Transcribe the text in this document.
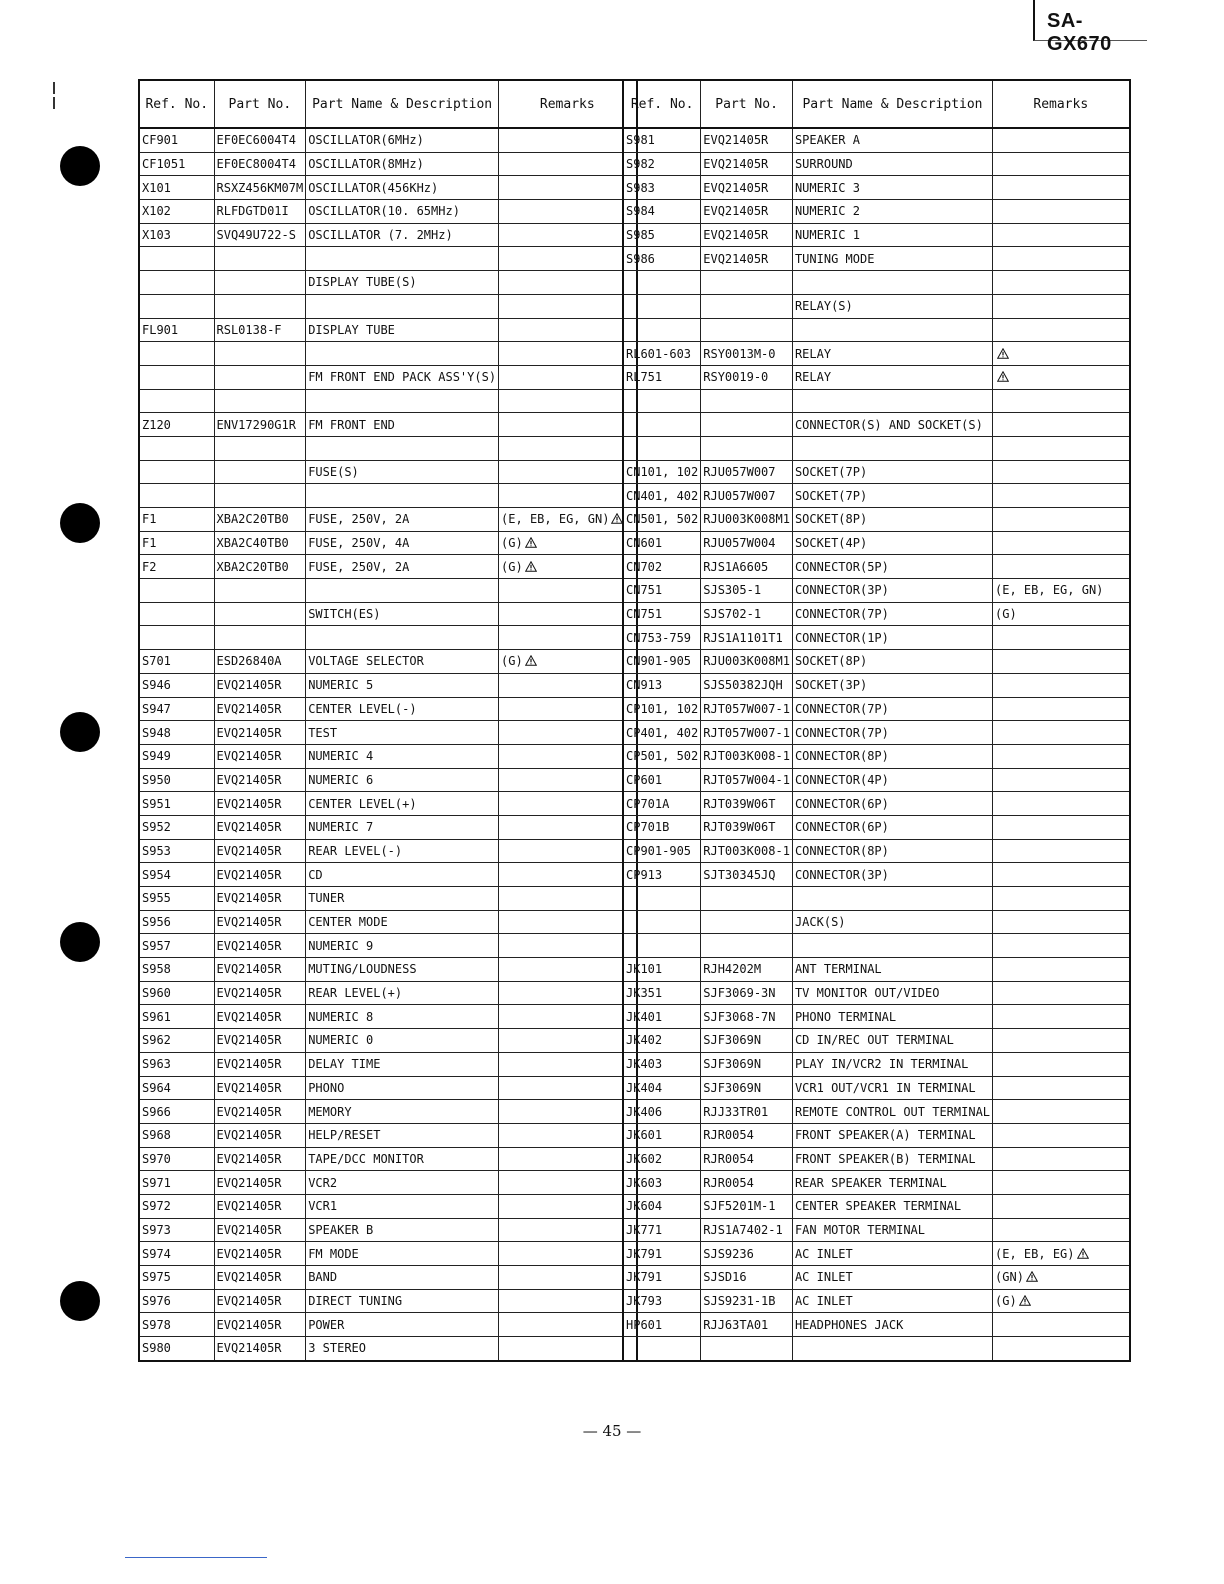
SA-GX670
Ref. No.	Part No.	Part Name & Description	Remarks
CF901	EF0EC6004T4	OSCILLATOR(6MHz)	
CF1051	EF0EC8004T4	OSCILLATOR(8MHz)	
X101	RSXZ456KM07M	OSCILLATOR(456KHz)	
X102	RLFDGTD01I	OSCILLATOR(10. 65MHz)	
X103	SVQ49U722-S	OSCILLATOR (7. 2MHz)	

		DISPLAY TUBE(S)	

FL901	RSL0138-F	DISPLAY TUBE	

		FM FRONT END PACK ASS'Y(S)	

Z120	ENV17290G1R	FM FRONT END	

		FUSE(S)	

F1	XBA2C20TB0	FUSE, 250V, 2A	(E, EB, EG, GN)
F1	XBA2C40TB0	FUSE, 250V, 4A	(G)
F2	XBA2C20TB0	FUSE, 250V, 2A	(G)

		SWITCH(ES)	

S701	ESD26840A	VOLTAGE SELECTOR	(G)
S946	EVQ21405R	NUMERIC 5	
S947	EVQ21405R	CENTER LEVEL(-)	
S948	EVQ21405R	TEST	
S949	EVQ21405R	NUMERIC 4	
S950	EVQ21405R	NUMERIC 6	
S951	EVQ21405R	CENTER LEVEL(+)	
S952	EVQ21405R	NUMERIC 7	
S953	EVQ21405R	REAR LEVEL(-)	
S954	EVQ21405R	CD	
S955	EVQ21405R	TUNER	
S956	EVQ21405R	CENTER MODE	
S957	EVQ21405R	NUMERIC 9	
S958	EVQ21405R	MUTING/LOUDNESS	
S960	EVQ21405R	REAR LEVEL(+)	
S961	EVQ21405R	NUMERIC 8	
S962	EVQ21405R	NUMERIC 0	
S963	EVQ21405R	DELAY TIME	
S964	EVQ21405R	PHONO	
S966	EVQ21405R	MEMORY	
S968	EVQ21405R	HELP/RESET	
S970	EVQ21405R	TAPE/DCC MONITOR	
S971	EVQ21405R	VCR2	
S972	EVQ21405R	VCR1	
S973	EVQ21405R	SPEAKER B	
S974	EVQ21405R	FM MODE	
S975	EVQ21405R	BAND	
S976	EVQ21405R	DIRECT TUNING	
S978	EVQ21405R	POWER	
S980	EVQ21405R	3 STEREO	
Ref. No.	Part No.	Part Name & Description	Remarks
S981	EVQ21405R	SPEAKER A	
S982	EVQ21405R	SURROUND	
S983	EVQ21405R	NUMERIC 3	
S984	EVQ21405R	NUMERIC 2	
S985	EVQ21405R	NUMERIC 1	
S986	EVQ21405R	TUNING MODE	

		RELAY(S)	

RL601-603	RSY0013M-0	RELAY	
RL751	RSY0019-0	RELAY	

		CONNECTOR(S) AND SOCKET(S)	

CN101, 102	RJU057W007	SOCKET(7P)	
CN401, 402	RJU057W007	SOCKET(7P)	
CN501, 502	RJU003K008M1	SOCKET(8P)	
CN601	RJU057W004	SOCKET(4P)	
CN702	RJS1A6605	CONNECTOR(5P)	
CN751	SJS305-1	CONNECTOR(3P)	(E, EB, EG, GN)
CN751	SJS702-1	CONNECTOR(7P)	(G)
CN753-759	RJS1A1101T1	CONNECTOR(1P)	
CN901-905	RJU003K008M1	SOCKET(8P)	
CN913	SJS50382JQH	SOCKET(3P)	
CP101, 102	RJT057W007-1	CONNECTOR(7P)	
CP401, 402	RJT057W007-1	CONNECTOR(7P)	
CP501, 502	RJT003K008-1	CONNECTOR(8P)	
CP601	RJT057W004-1	CONNECTOR(4P)	
CP701A	RJT039W06T	CONNECTOR(6P)	
CP701B	RJT039W06T	CONNECTOR(6P)	
CP901-905	RJT003K008-1	CONNECTOR(8P)	
CP913	SJT30345JQ	CONNECTOR(3P)	

		JACK(S)	

JK101	RJH4202M	ANT TERMINAL	
JK351	SJF3069-3N	TV MONITOR OUT/VIDEO	
JK401	SJF3068-7N	PHONO TERMINAL	
JK402	SJF3069N	CD IN/REC OUT TERMINAL	
JK403	SJF3069N	PLAY IN/VCR2 IN TERMINAL	
JK404	SJF3069N	VCR1 OUT/VCR1 IN TERMINAL	
JK406	RJJ33TR01	REMOTE CONTROL OUT TERMINAL	
JK601	RJR0054	FRONT SPEAKER(A) TERMINAL	
JK602	RJR0054	FRONT SPEAKER(B) TERMINAL	
JK603	RJR0054	REAR SPEAKER TERMINAL	
JK604	SJF5201M-1	CENTER SPEAKER TERMINAL	
JK771	RJS1A7402-1	FAN MOTOR TERMINAL	
JK791	SJS9236	AC INLET	(E, EB, EG)
JK791	SJSD16	AC INLET	(GN)
JK793	SJS9231-1B	AC INLET	(G)
HP601	RJJ63TA01	HEADPHONES JACK	

— 45 —
